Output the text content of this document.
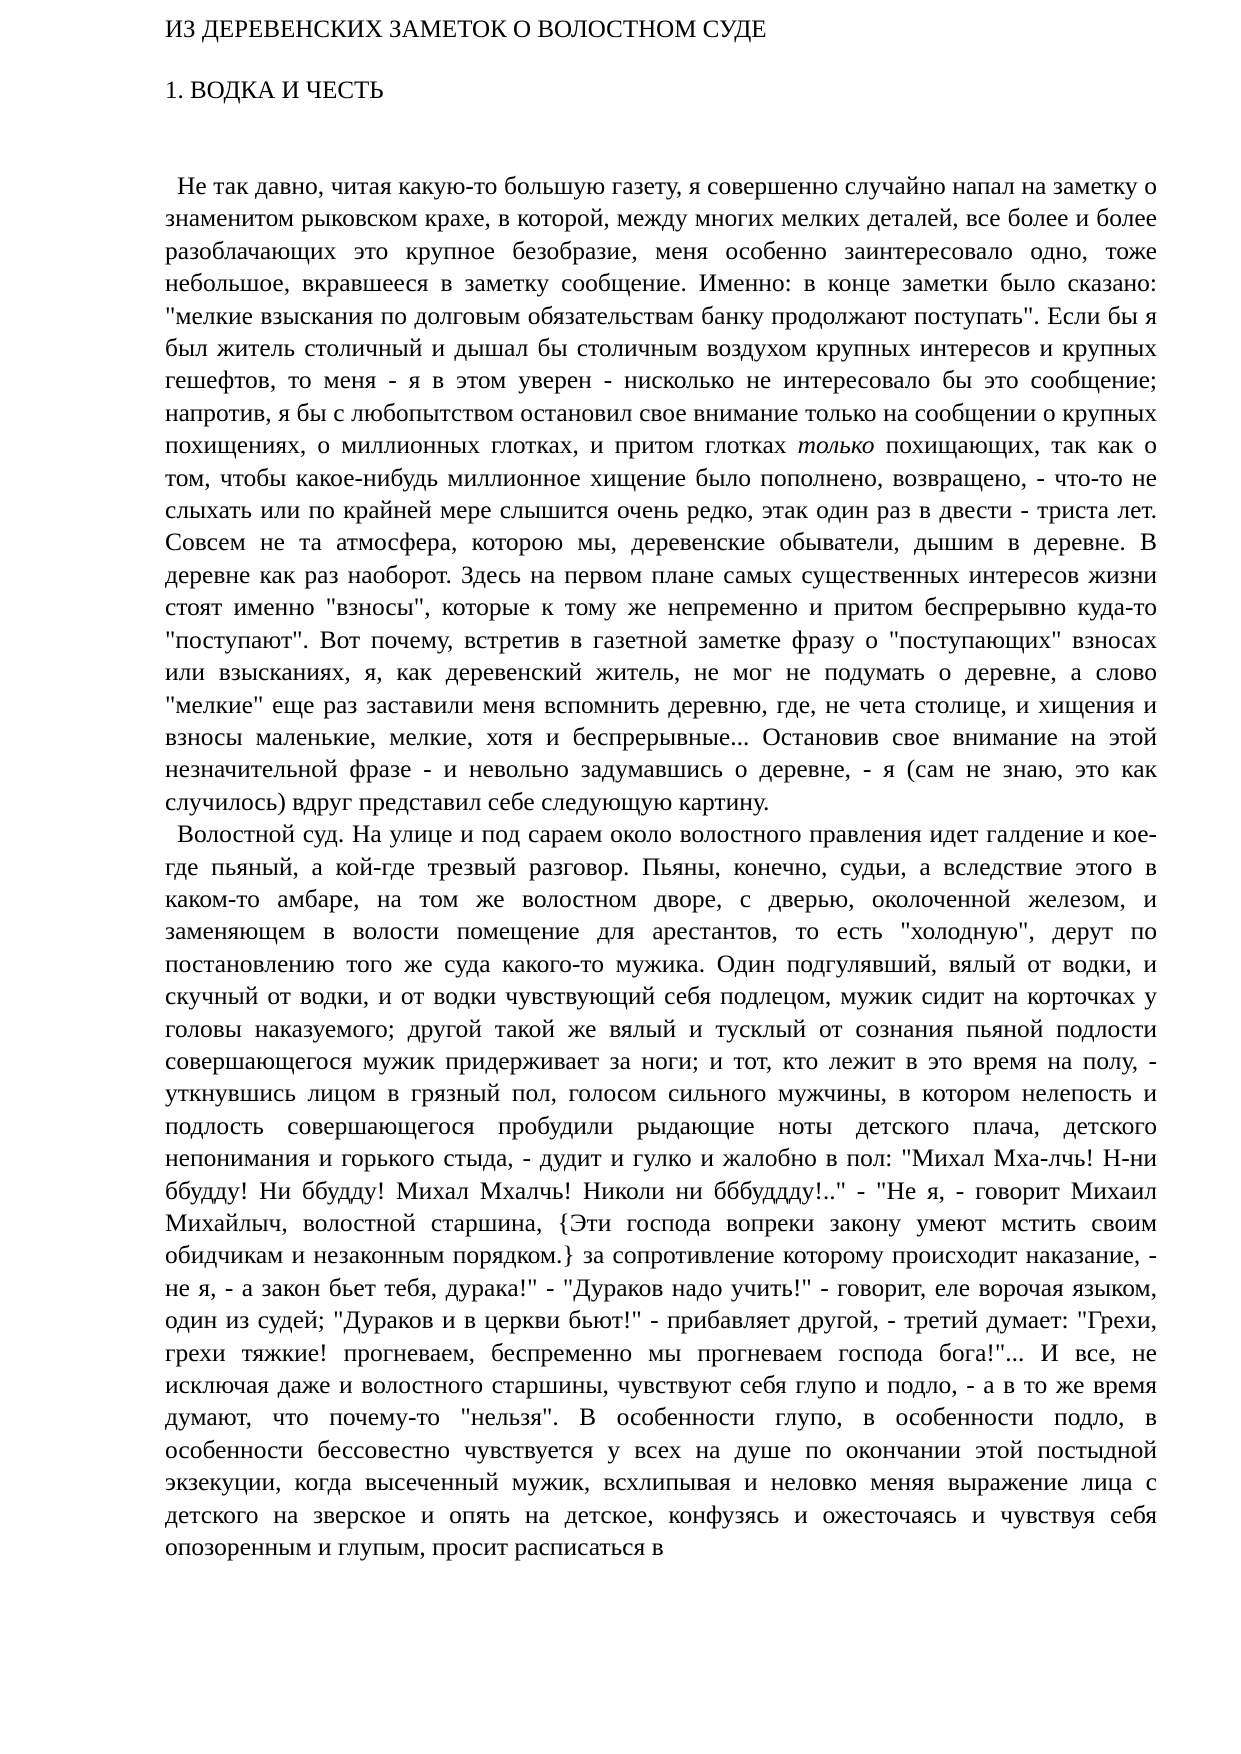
ИЗ ДЕРЕВЕНСКИХ ЗАМЕТОК О ВОЛОСТНОМ СУДЕ
1. ВОДКА И ЧЕСТЬ

Не так давно, читая какую-то большую газету, я совершенно случайно напал на заметку о знаменитом рыковском крахе, в которой, между многих мелких деталей, все более и более разоблачающих это крупное безобразие, меня особенно заинтересовало одно, тоже небольшое, вкравшееся в заметку сообщение. Именно: в конце заметки было сказано: "мелкие взыскания по долговым обязательствам банку продолжают поступать". Если бы я был житель столичный и дышал бы столичным воздухом крупных интересов и крупных гешефтов, то меня - я в этом уверен - нисколько не интересовало бы это сообщение; напротив, я бы с любопытством остановил свое внимание только на сообщении о крупных похищениях, о миллионных глотках, и притом глотках только похищающих, так как о том, чтобы какое-нибудь миллионное хищение было пополнено, возвращено, - что-то не слыхать или по крайней мере слышится очень редко, этак один раз в двести - триста лет. Совсем не та атмосфера, которою мы, деревенские обыватели, дышим в деревне. В деревне как раз наоборот. Здесь на первом плане самых существенных интересов жизни стоят именно "взносы", которые к тому же непременно и притом беспрерывно куда-то "поступают". Вот почему, встретив в газетной заметке фразу о "поступающих" взносах или взысканиях, я, как деревенский житель, не мог не подумать о деревне, а слово "мелкие" еще раз заставили меня вспомнить деревню, где, не чета столице, и хищения и взносы маленькие, мелкие, хотя и беспрерывные... Остановив свое внимание на этой незначительной фразе - и невольно задумавшись о деревне, - я (сам не знаю, это как случилось) вдруг представил себе следующую картину.

Волостной суд. На улице и под сараем около волостного правления идет галдение и кое-где пьяный, а кой-где трезвый разговор. Пьяны, конечно, судьи, а вследствие этого в каком-то амбаре, на том же волостном дворе, с дверью, околоченной железом, и заменяющем в волости помещение для арестантов, то есть "холодную", дерут по постановлению того же суда какого-то мужика. Один подгулявший, вялый от водки, и скучный от водки, и от водки чувствующий себя подлецом, мужик сидит на корточках у головы наказуемого; другой такой же вялый и тусклый от сознания пьяной подлости совершающегося мужик придерживает за ноги; и тот, кто лежит в это время на полу, - уткнувшись лицом в грязный пол, голосом сильного мужчины, в котором нелепость и подлость совершающегося пробудили рыдающие ноты детского плача, детского непонимания и горького стыда, - дудит и гулко и жалобно в пол: "Михал Мха-лчь! Н-ни ббудду! Ни ббудду! Михал Мхалчь! Николи ни бббуддду!.." - "Не я, - говорит Михаил Михайлыч, волостной старшина, {Эти господа вопреки закону умеют мстить своим обидчикам и незаконным порядком.} за сопротивление которому происходит наказание, - не я, - а закон бьет тебя, дурака!" - "Дураков надо учить!" - говорит, еле ворочая языком, один из судей; "Дураков и в церкви бьют!" - прибавляет другой, - третий думает: "Грехи, грехи тяжкие! прогневаем, беспременно мы прогневаем господа бога!"... И все, не исключая даже и волостного старшины, чувствуют себя глупо и подло, - а в то же время думают, что почему-то "нельзя". В особенности глупо, в особенности подло, в особенности бессовестно чувствуется у всех на душе по окончании этой постыдной экзекуции, когда высеченный мужик, всхлипывая и неловко меняя выражение лица с детского на зверское и опять на детское, конфузясь и ожесточаясь и чувствуя себя опозоренным и глупым, просит расписаться в
